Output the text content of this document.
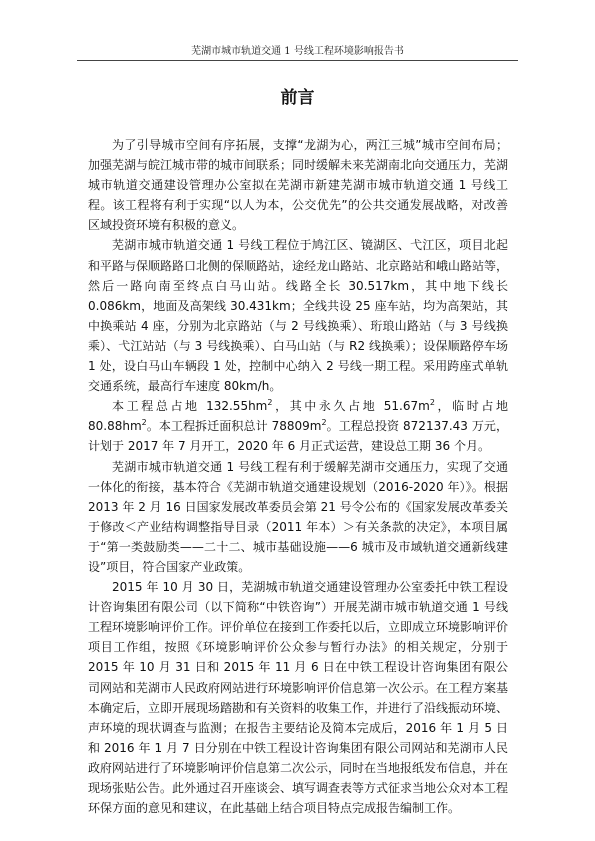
芜湖市城市轨道交通 1 号线工程环境影响报告书
前言

为了引导城市空间有序拓展，支撑“龙湖为心，两江三城”城市空间布局；加强芜湖与皖江城市带的城市间联系；同时缓解未来芜湖南北向交通压力，芜湖城市轨道交通建设管理办公室拟在芜湖市新建芜湖市城市轨道交通 1 号线工程。该工程将有利于实现“以人为本，公交优先”的公共交通发展战略，对改善区域投资环境有积极的意义。

芜湖市城市轨道交通 1 号线工程位于鸠江区、镜湖区、弋江区，项目北起和平路与保顺路路口北侧的保顺路站，途经龙山路站、北京路站和峨山路站等，然后一路向南至终点白马山站。线路全长 30.517km，其中地下线长 0.086km，地面及高架线 30.431km；全线共设 25 座车站，均为高架站，其中换乘站 4 座，分别为北京路站（与 2 号线换乘）、珩琅山路站（与 3 号线换乘）、弋江站站（与 3 号线换乘）、白马山站（与 R2 线换乘）；设保顺路停车场 1 处，设白马山车辆段 1 处，控制中心纳入 2 号线一期工程。采用跨座式单轨交通系统，最高行车速度 80km/h。

本工程总占地 $132.55hm^2$，其中永久占地 $51.67m^2$，临时占地 $80.88hm^2$。本工程拆迁面积总计 $78809m^2$。工程总投资 872137.43 万元，计划于 2017 年 7 月开工，2020 年 6 月正式运营，建设总工期 36 个月。

芜湖市城市轨道交通 1 号线工程有利于缓解芜湖市交通压力，实现了交通一体化的衔接，基本符合《芜湖市轨道交通建设规划（2016-2020 年）》。根据 2013 年 2 月 16 日国家发展改革委员会第 21 号令公布的《国家发展改革委关于修改＜产业结构调整指导目录（2011 年本）＞有关条款的决定》，本项目属于“第一类鼓励类——二十二、城市基础设施——6 城市及市域轨道交通新线建设”项目，符合国家产业政策。

2015 年 10 月 30 日，芜湖城市轨道交通建设管理办公室委托中铁工程设计咨询集团有限公司（以下简称“中铁咨询”）开展芜湖市城市轨道交通 1 号线工程环境影响评价工作。评价单位在接到工作委托以后，立即成立环境影响评价项目工作组，按照《环境影响评价公众参与暂行办法》的相关规定，分别于 2015 年 10 月 31 日和 2015 年 11 月 6 日在中铁工程设计咨询集团有限公司网站和芜湖市人民政府网站进行环境影响评价信息第一次公示。在工程方案基本确定后，立即开展现场踏勘和有关资料的收集工作，并进行了沿线振动环境、声环境的现状调查与监测；在报告主要结论及简本完成后，2016 年 1 月 5 日和 2016 年 1 月 7 日分别在中铁工程设计咨询集团有限公司网站和芜湖市人民政府网站进行了环境影响评价信息第二次公示，同时在当地报纸发布信息，并在现场张贴公告。此外通过召开座谈会、填写调查表等方式征求当地公众对本工程环保方面的意见和建议，在此基础上结合项目特点完成报告编制工作。
